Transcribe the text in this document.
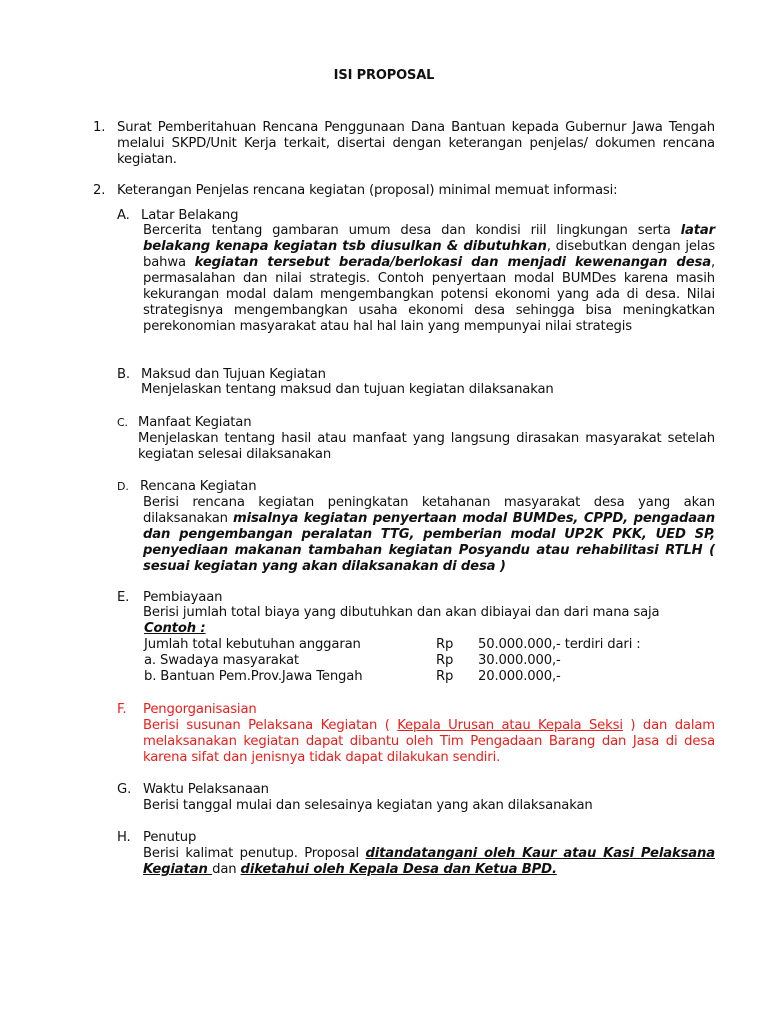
ISI PROPOSAL
1. Surat Pemberitahuan Rencana Penggunaan Dana Bantuan kepada Gubernur Jawa Tengah melalui SKPD/Unit Kerja terkait, disertai dengan keterangan penjelas/ dokumen rencana kegiatan.
2. Keterangan Penjelas rencana kegiatan (proposal) minimal memuat informasi:
A. Latar Belakang
Bercerita tentang gambaran umum desa dan kondisi riil lingkungan serta latar belakang kenapa kegiatan tsb diusulkan & dibutuhkan, disebutkan dengan jelas bahwa kegiatan tersebut berada/berlokasi dan menjadi kewenangan desa, permasalahan dan nilai strategis. Contoh penyertaan modal BUMDes karena masih kekurangan modal dalam mengembangkan potensi ekonomi yang ada di desa. Nilai strategisnya mengembangkan usaha ekonomi desa sehingga bisa meningkatkan perekonomian masyarakat atau hal hal lain yang mempunyai nilai strategis
B. Maksud dan Tujuan Kegiatan
Menjelaskan tentang maksud dan tujuan kegiatan dilaksanakan
C. Manfaat Kegiatan
Menjelaskan tentang hasil atau manfaat yang langsung dirasakan masyarakat setelah kegiatan selesai dilaksanakan
D. Rencana Kegiatan
Berisi rencana kegiatan peningkatan ketahanan masyarakat desa yang akan dilaksanakan misalnya kegiatan penyertaan modal BUMDes, CPPD, pengadaan dan pengembangan peralatan TTG, pemberian modal UP2K PKK, UED SP, penyediaan makanan tambahan kegiatan Posyandu atau rehabilitasi RTLH ( sesuai kegiatan yang akan dilaksanakan di desa )
E. Pembiayaan
Berisi jumlah total biaya yang dibutuhkan dan akan dibiayai dan dari mana saja
Contoh :
Jumlah total kebutuhan anggaran	Rp 50.000.000,- terdiri dari :
a. Swadaya masyarakat	Rp 30.000.000,-
b. Bantuan Pem.Prov.Jawa Tengah	Rp 20.000.000,-
F. Pengorganisasian
Berisi susunan Pelaksana Kegiatan ( Kepala Urusan atau Kepala Seksi ) dan dalam melaksanakan kegiatan dapat dibantu oleh Tim Pengadaan Barang dan Jasa di desa karena sifat dan jenisnya tidak dapat dilakukan sendiri.
G. Waktu Pelaksanaan
Berisi tanggal mulai dan selesainya kegiatan yang akan dilaksanakan
H. Penutup
Berisi kalimat penutup. Proposal ditandatangani oleh Kaur atau Kasi Pelaksana Kegiatan dan diketahui oleh Kepala Desa dan Ketua BPD.
